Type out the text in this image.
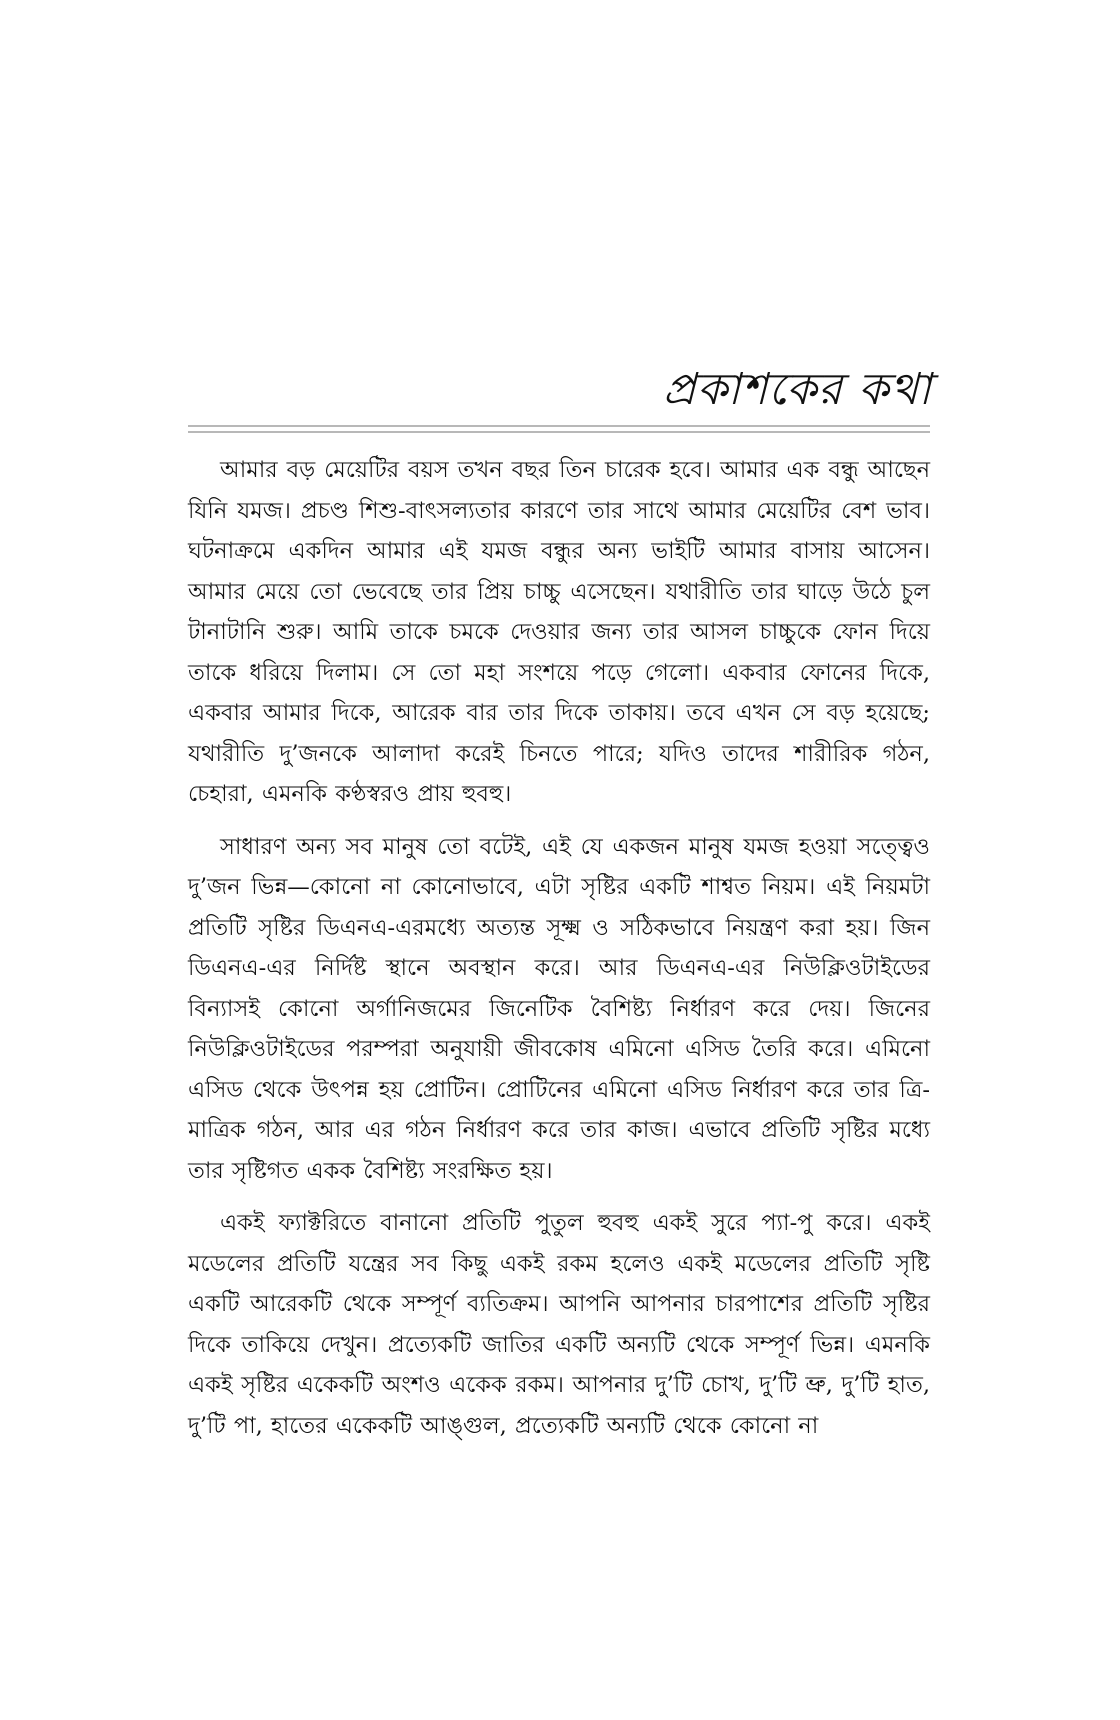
প্রকাশকের কথা

আমার বড় মেয়েটির বয়স তখন বছর তিন চারেক হবে। আমার এক বন্ধু আছেন যিনি যমজ। প্রচণ্ড শিশু-বাৎসল্যতার কারণে তার সাথে আমার মেয়েটির বেশ ভাব। ঘটনাক্রমে একদিন আমার এই যমজ বন্ধুর অন্য ভাইটি আমার বাসায় আসেন। আমার মেয়ে তো ভেবেছে তার প্রিয় চাচ্চু এসেছেন। যথারীতি তার ঘাড়ে উঠে চুল টানাটানি শুরু। আমি তাকে চমকে দেওয়ার জন্য তার আসল চাচ্চুকে ফোন দিয়ে তাকে ধরিয়ে দিলাম। সে তো মহা সংশয়ে পড়ে গেলো। একবার ফোনের দিকে, একবার আমার দিকে, আরেক বার তার দিকে তাকায়। তবে এখন সে বড় হয়েছে; যথারীতি দু’জনকে আলাদা করেই চিনতে পারে; যদিও তাদের শারীরিক গঠন, চেহারা, এমনকি কণ্ঠস্বরও প্রায় হুবহু।

সাধারণ অন্য সব মানুষ তো বটেই, এই যে একজন মানুষ যমজ হওয়া সত্ত্বেও দু’জন ভিন্ন—কোনো না কোনোভাবে, এটা সৃষ্টির একটি শাশ্বত নিয়ম। এই নিয়মটা প্রতিটি সৃষ্টির ডিএনএ-এরমধ্যে অত্যন্ত সূক্ষ্ম ও সঠিকভাবে নিয়ন্ত্রণ করা হয়। জিন ডিএনএ-এর নির্দিষ্ট স্থানে অবস্থান করে। আর ডিএনএ-এর নিউক্লিওটাইডের বিন্যাসই কোনো অর্গানিজমের জিনেটিক বৈশিষ্ট্য নির্ধারণ করে দেয়। জিনের নিউক্লিওটাইডের পরম্পরা অনুযায়ী জীবকোষ এমিনো এসিড তৈরি করে। এমিনো এসিড থেকে উৎপন্ন হয় প্রোটিন। প্রোটিনের এমিনো এসিড নির্ধারণ করে তার ত্রি-মাত্রিক গঠন, আর এর গঠন নির্ধারণ করে তার কাজ। এভাবে প্রতিটি সৃষ্টির মধ্যে তার সৃষ্টিগত একক বৈশিষ্ট্য সংরক্ষিত হয়।

একই ফ্যাক্টরিতে বানানো প্রতিটি পুতুল হুবহু একই সুরে প্যা-পু করে। একই মডেলের প্রতিটি যন্ত্রের সব কিছু একই রকম হলেও একই মডেলের প্রতিটি সৃষ্টি একটি আরেকটি থেকে সম্পূর্ণ ব্যতিক্রম। আপনি আপনার চারপাশের প্রতিটি সৃষ্টির দিকে তাকিয়ে দেখুন। প্রত্যেকটি জাতির একটি অন্যটি থেকে সম্পূর্ণ ভিন্ন। এমনকি একই সৃষ্টির একেকটি অংশও একেক রকম। আপনার দু’টি চোখ, দু’টি ভ্রু, দু’টি হাত, দু’টি পা, হাতের একেকটি আঙ্গুল, প্রত্যেকটি অন্যটি থেকে কোনো না
